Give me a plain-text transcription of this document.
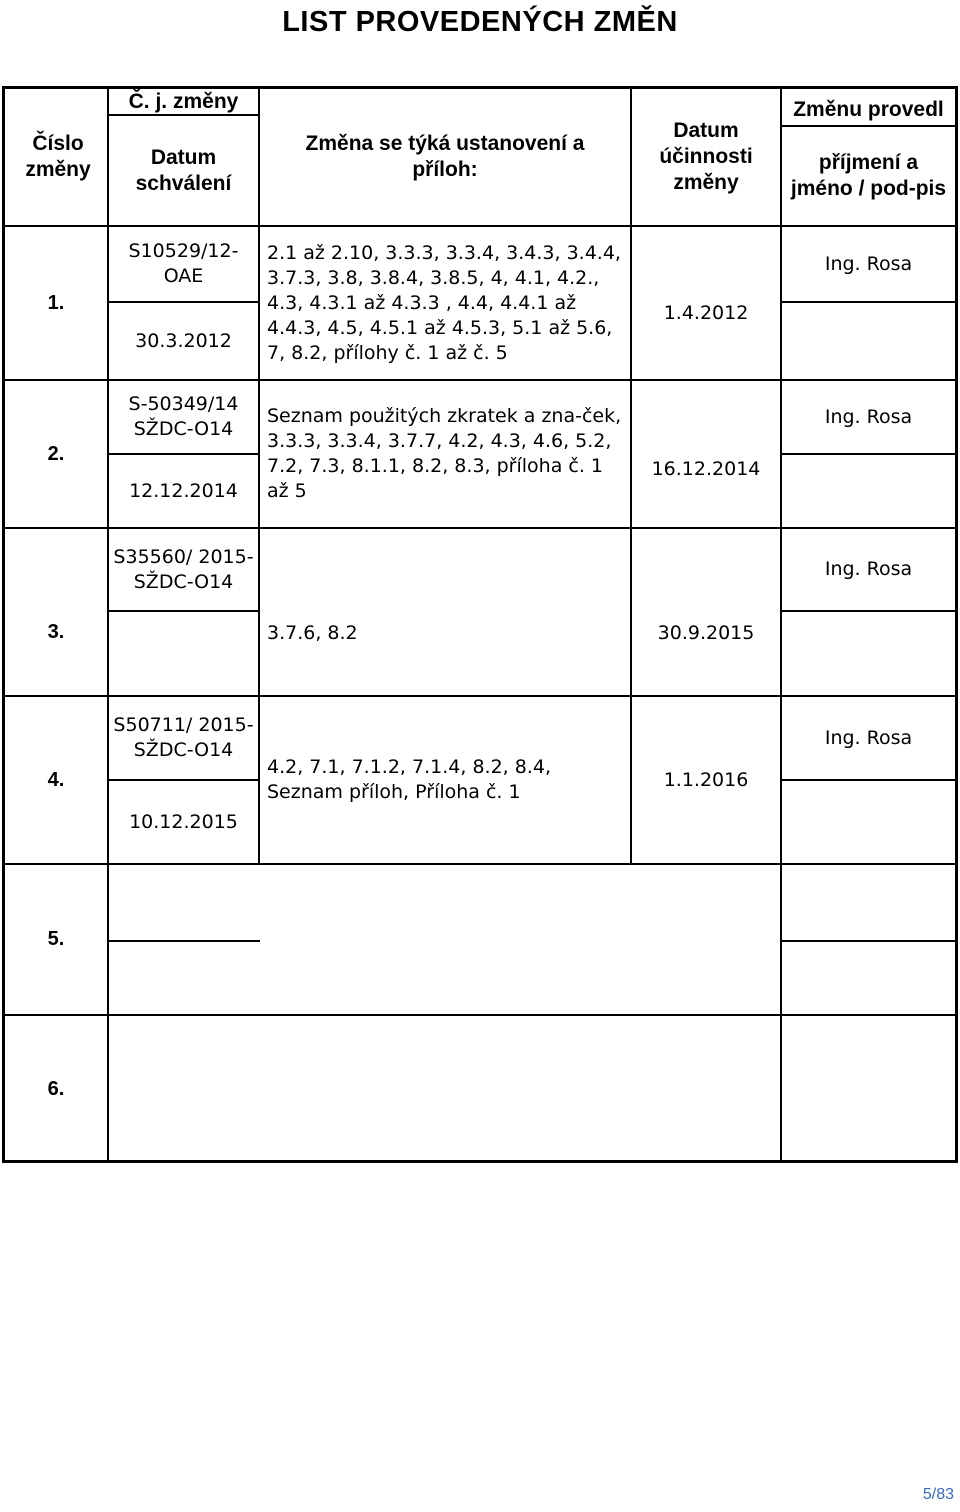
LIST PROVEDENÝCH ZMĚN
Číslo změny
Č. j. změny
Datum schválení
Změna se týká ustanovení a příloh:
Datum účinnosti změny
Změnu provedl
příjmení a jméno / pod-pis
1.
S10529/12-OAE
30.3.2012
2.1 až 2.10, 3.3.3, 3.3.4, 3.4.3, 3.4.4, 3.7.3, 3.8, 3.8.4, 3.8.5, 4, 4.1, 4.2., 4.3, 4.3.1 až 4.3.3 , 4.4, 4.4.1 až 4.4.3, 4.5, 4.5.1 až 4.5.3, 5.1 až 5.6, 7, 8.2, přílohy č. 1 až č. 5
1.4.2012
Ing. Rosa
2.
S-50349/14 SŽDC-O14
12.12.2014
Seznam použitých zkratek a zna-ček, 3.3.3, 3.3.4, 3.7.7, 4.2, 4.3, 4.6, 5.2, 7.2, 7.3, 8.1.1, 8.2, 8.3, příloha č. 1 až 5
16.12.2014
Ing. Rosa
3.
S35560/ 2015-SŽDC-O14
3.7.6, 8.2	30.9.2015
Ing. Rosa
4.
S50711/ 2015-SŽDC-O14
10.12.2015
4.2, 7.1, 7.1.2, 7.1.4, 8.2, 8.4, Seznam příloh, Příloha č. 1
1.1.2016
Ing. Rosa
5.
6.
5/83
